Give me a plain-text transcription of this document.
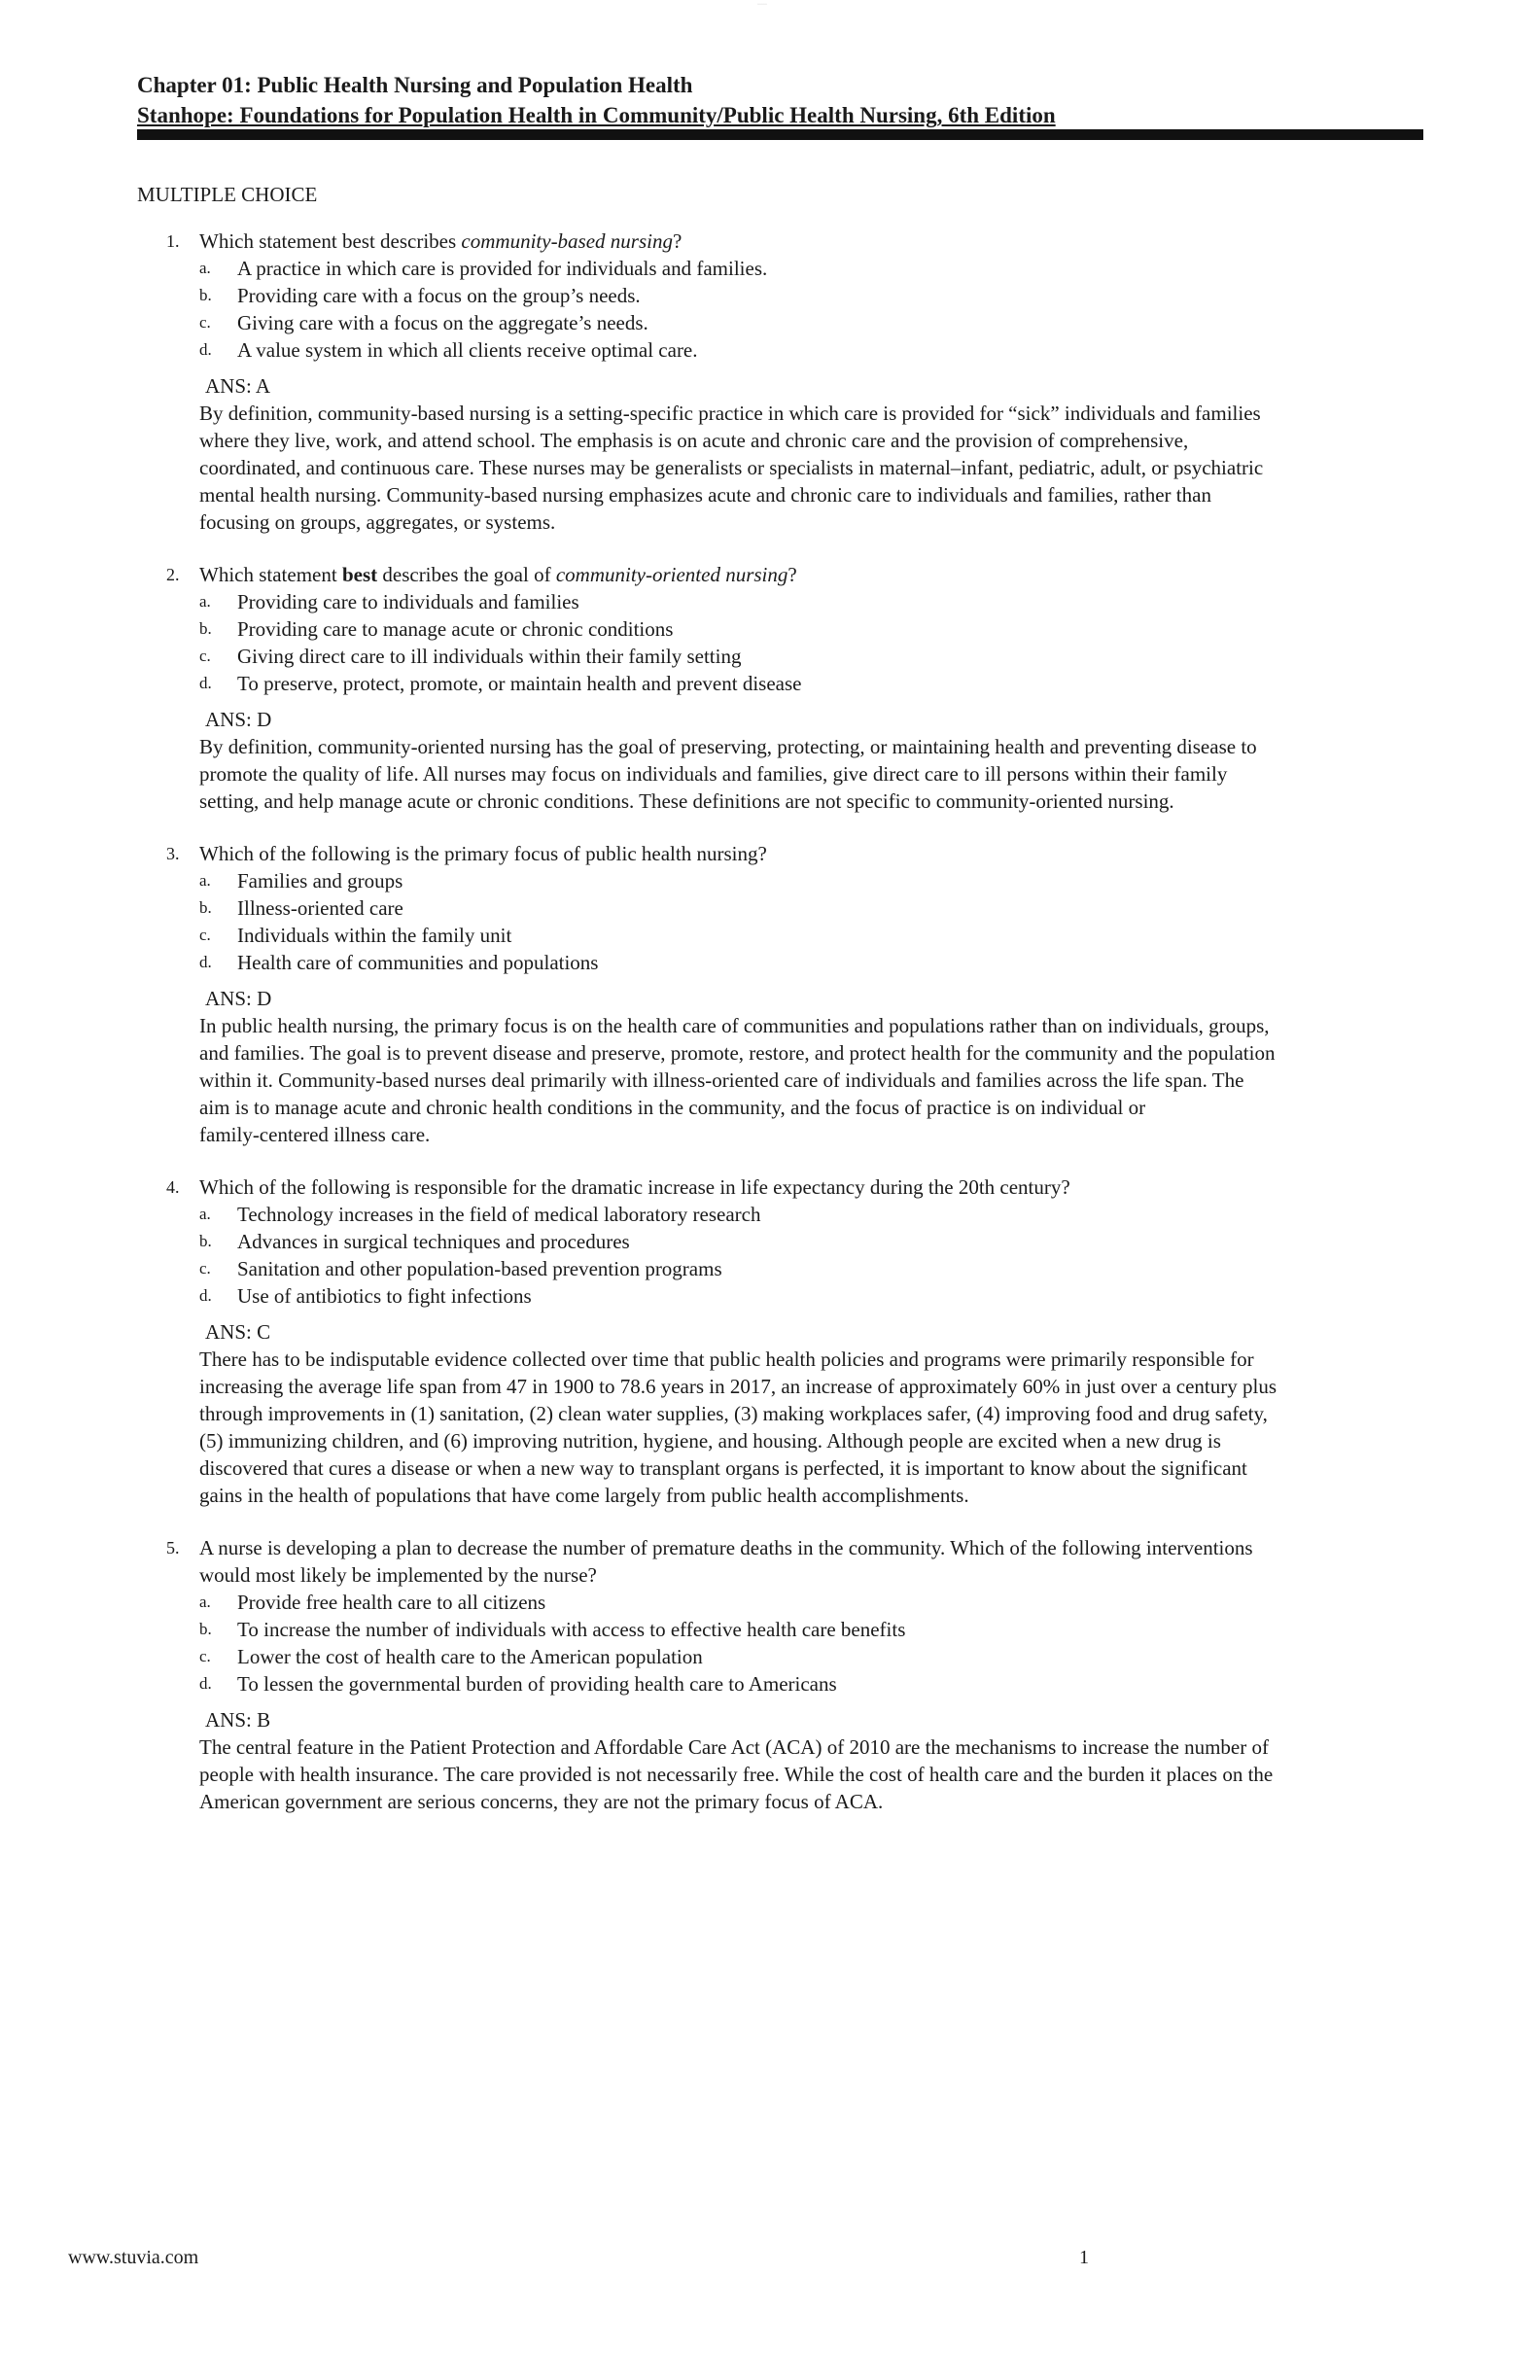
·····
Chapter 01: Public Health Nursing and Population Health
Stanhope: Foundations for Population Health in Community/Public Health Nursing, 6th Edition
MULTIPLE CHOICE
1. Which statement best describes community-based nursing?
a. A practice in which care is provided for individuals and families.
b. Providing care with a focus on the group’s needs.
c. Giving care with a focus on the aggregate’s needs.
d. A value system in which all clients receive optimal care.
ANS: A

By definition, community-based nursing is a setting-specific practice in which care is provided for “sick” individuals and families
where they live, work, and attend school. The emphasis is on acute and chronic care and the provision of comprehensive,
coordinated, and continuous care. These nurses may be generalists or specialists in maternal–infant, pediatric, adult, or psychiatric
mental health nursing. Community-based nursing emphasizes acute and chronic care to individuals and families, rather than
focusing on groups, aggregates, or systems.

2. Which statement best describes the goal of community-oriented nursing?
a. Providing care to individuals and families
b. Providing care to manage acute or chronic conditions
c. Giving direct care to ill individuals within their family setting
d. To preserve, protect, promote, or maintain health and prevent disease
ANS: D

By definition, community-oriented nursing has the goal of preserving, protecting, or maintaining health and preventing disease to
promote the quality of life. All nurses may focus on individuals and families, give direct care to ill persons within their family
setting, and help manage acute or chronic conditions. These definitions are not specific to community-oriented nursing.

3. Which of the following is the primary focus of public health nursing?
a. Families and groups
b. Illness-oriented care
c. Individuals within the family unit
d. Health care of communities and populations
ANS: D

In public health nursing, the primary focus is on the health care of communities and populations rather than on individuals, groups,
and families. The goal is to prevent disease and preserve, promote, restore, and protect health for the community and the population
within it. Community-based nurses deal primarily with illness-oriented care of individuals and families across the life span. The
aim is to manage acute and chronic health conditions in the community, and the focus of practice is on individual or
family-centered illness care.

4. Which of the following is responsible for the dramatic increase in life expectancy during the 20th century?
a. Technology increases in the field of medical laboratory research
b. Advances in surgical techniques and procedures
c. Sanitation and other population-based prevention programs
d. Use of antibiotics to fight infections
ANS: C

There has to be indisputable evidence collected over time that public health policies and programs were primarily responsible for
increasing the average life span from 47 in 1900 to 78.6 years in 2017, an increase of approximately 60% in just over a century plus
through improvements in (1) sanitation, (2) clean water supplies, (3) making workplaces safer, (4) improving food and drug safety,
(5) immunizing children, and (6) improving nutrition, hygiene, and housing. Although people are excited when a new drug is
discovered that cures a disease or when a new way to transplant organs is perfected, it is important to know about the significant
gains in the health of populations that have come largely from public health accomplishments.

5. A nurse is developing a plan to decrease the number of premature deaths in the community. Which of the following interventions
would most likely be implemented by the nurse?
a. Provide free health care to all citizens
b. To increase the number of individuals with access to effective health care benefits
c. Lower the cost of health care to the American population
d. To lessen the governmental burden of providing health care to Americans
ANS: B

The central feature in the Patient Protection and Affordable Care Act (ACA) of 2010 are the mechanisms to increase the number of
people with health insurance. The care provided is not necessarily free. While the cost of health care and the burden it places on the
American government are serious concerns, they are not the primary focus of ACA.

www.stuvia.com	1
